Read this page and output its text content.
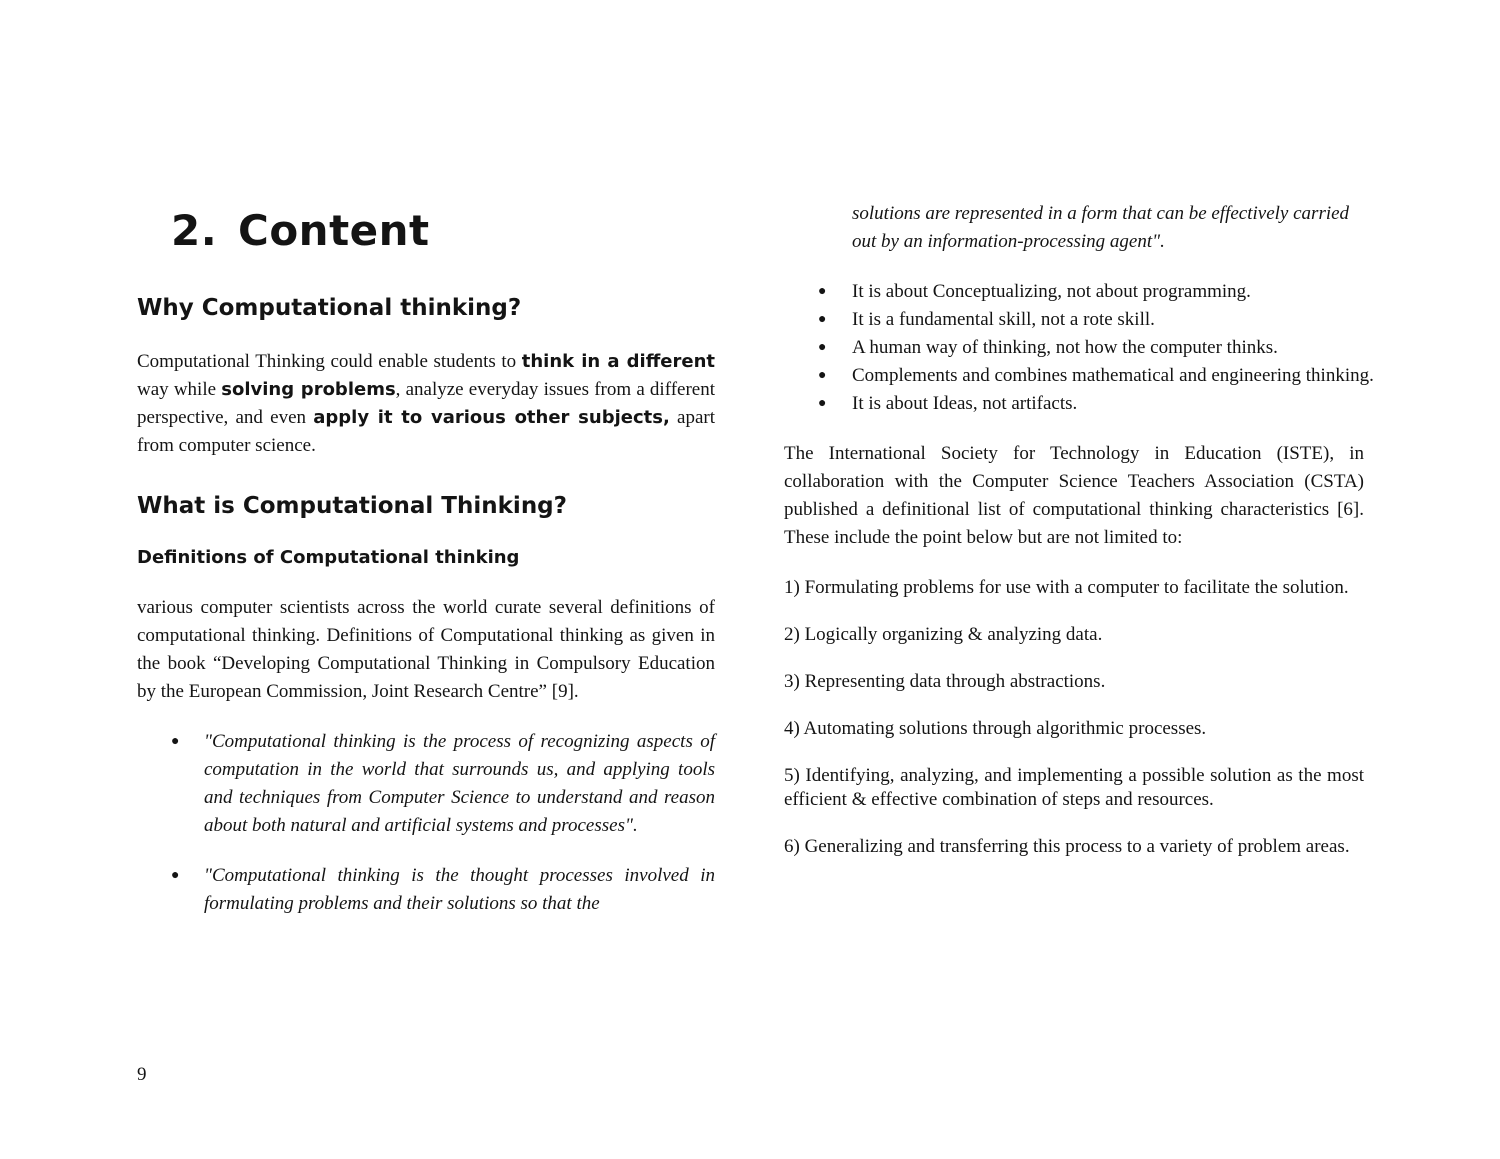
2. Content
Why Computational thinking?

Computational Thinking could enable students to think in a different way while solving problems, analyze everyday issues from a different perspective, and even apply it to various other subjects, apart from computer science.

What is Computational Thinking?
Definitions of Computational thinking

various computer scientists across the world curate several definitions of computational thinking. Definitions of Computational thinking as given in the book “Developing Computational Thinking in Compulsory Education by the European Commission, Joint Research Centre” [9].

● "Computational thinking is the process of recognizing aspects of computation in the world that surrounds us, and applying tools and techniques from Computer Science to understand and reason about both natural and artificial systems and processes".
● "Computational thinking is the thought processes involved in formulating problems and their solutions so that the

solutions are represented in a form that can be effectively carried out by an information-processing agent".

● It is about Conceptualizing, not about programming.
● It is a fundamental skill, not a rote skill.
● A human way of thinking, not how the computer thinks.
● Complements and combines mathematical and engineering thinking.
● It is about Ideas, not artifacts.

The International Society for Technology in Education (ISTE), in collaboration with the Computer Science Teachers Association (CSTA) published a definitional list of computational thinking characteristics [6]. These include the point below but are not limited to:

1) Formulating problems for use with a computer to facilitate the solution.

2) Logically organizing & analyzing data.

3) Representing data through abstractions.

4) Automating solutions through algorithmic processes.

5) Identifying, analyzing, and implementing a possible solution as the most efficient & effective combination of steps and resources.

6) Generalizing and transferring this process to a variety of problem areas.

9
